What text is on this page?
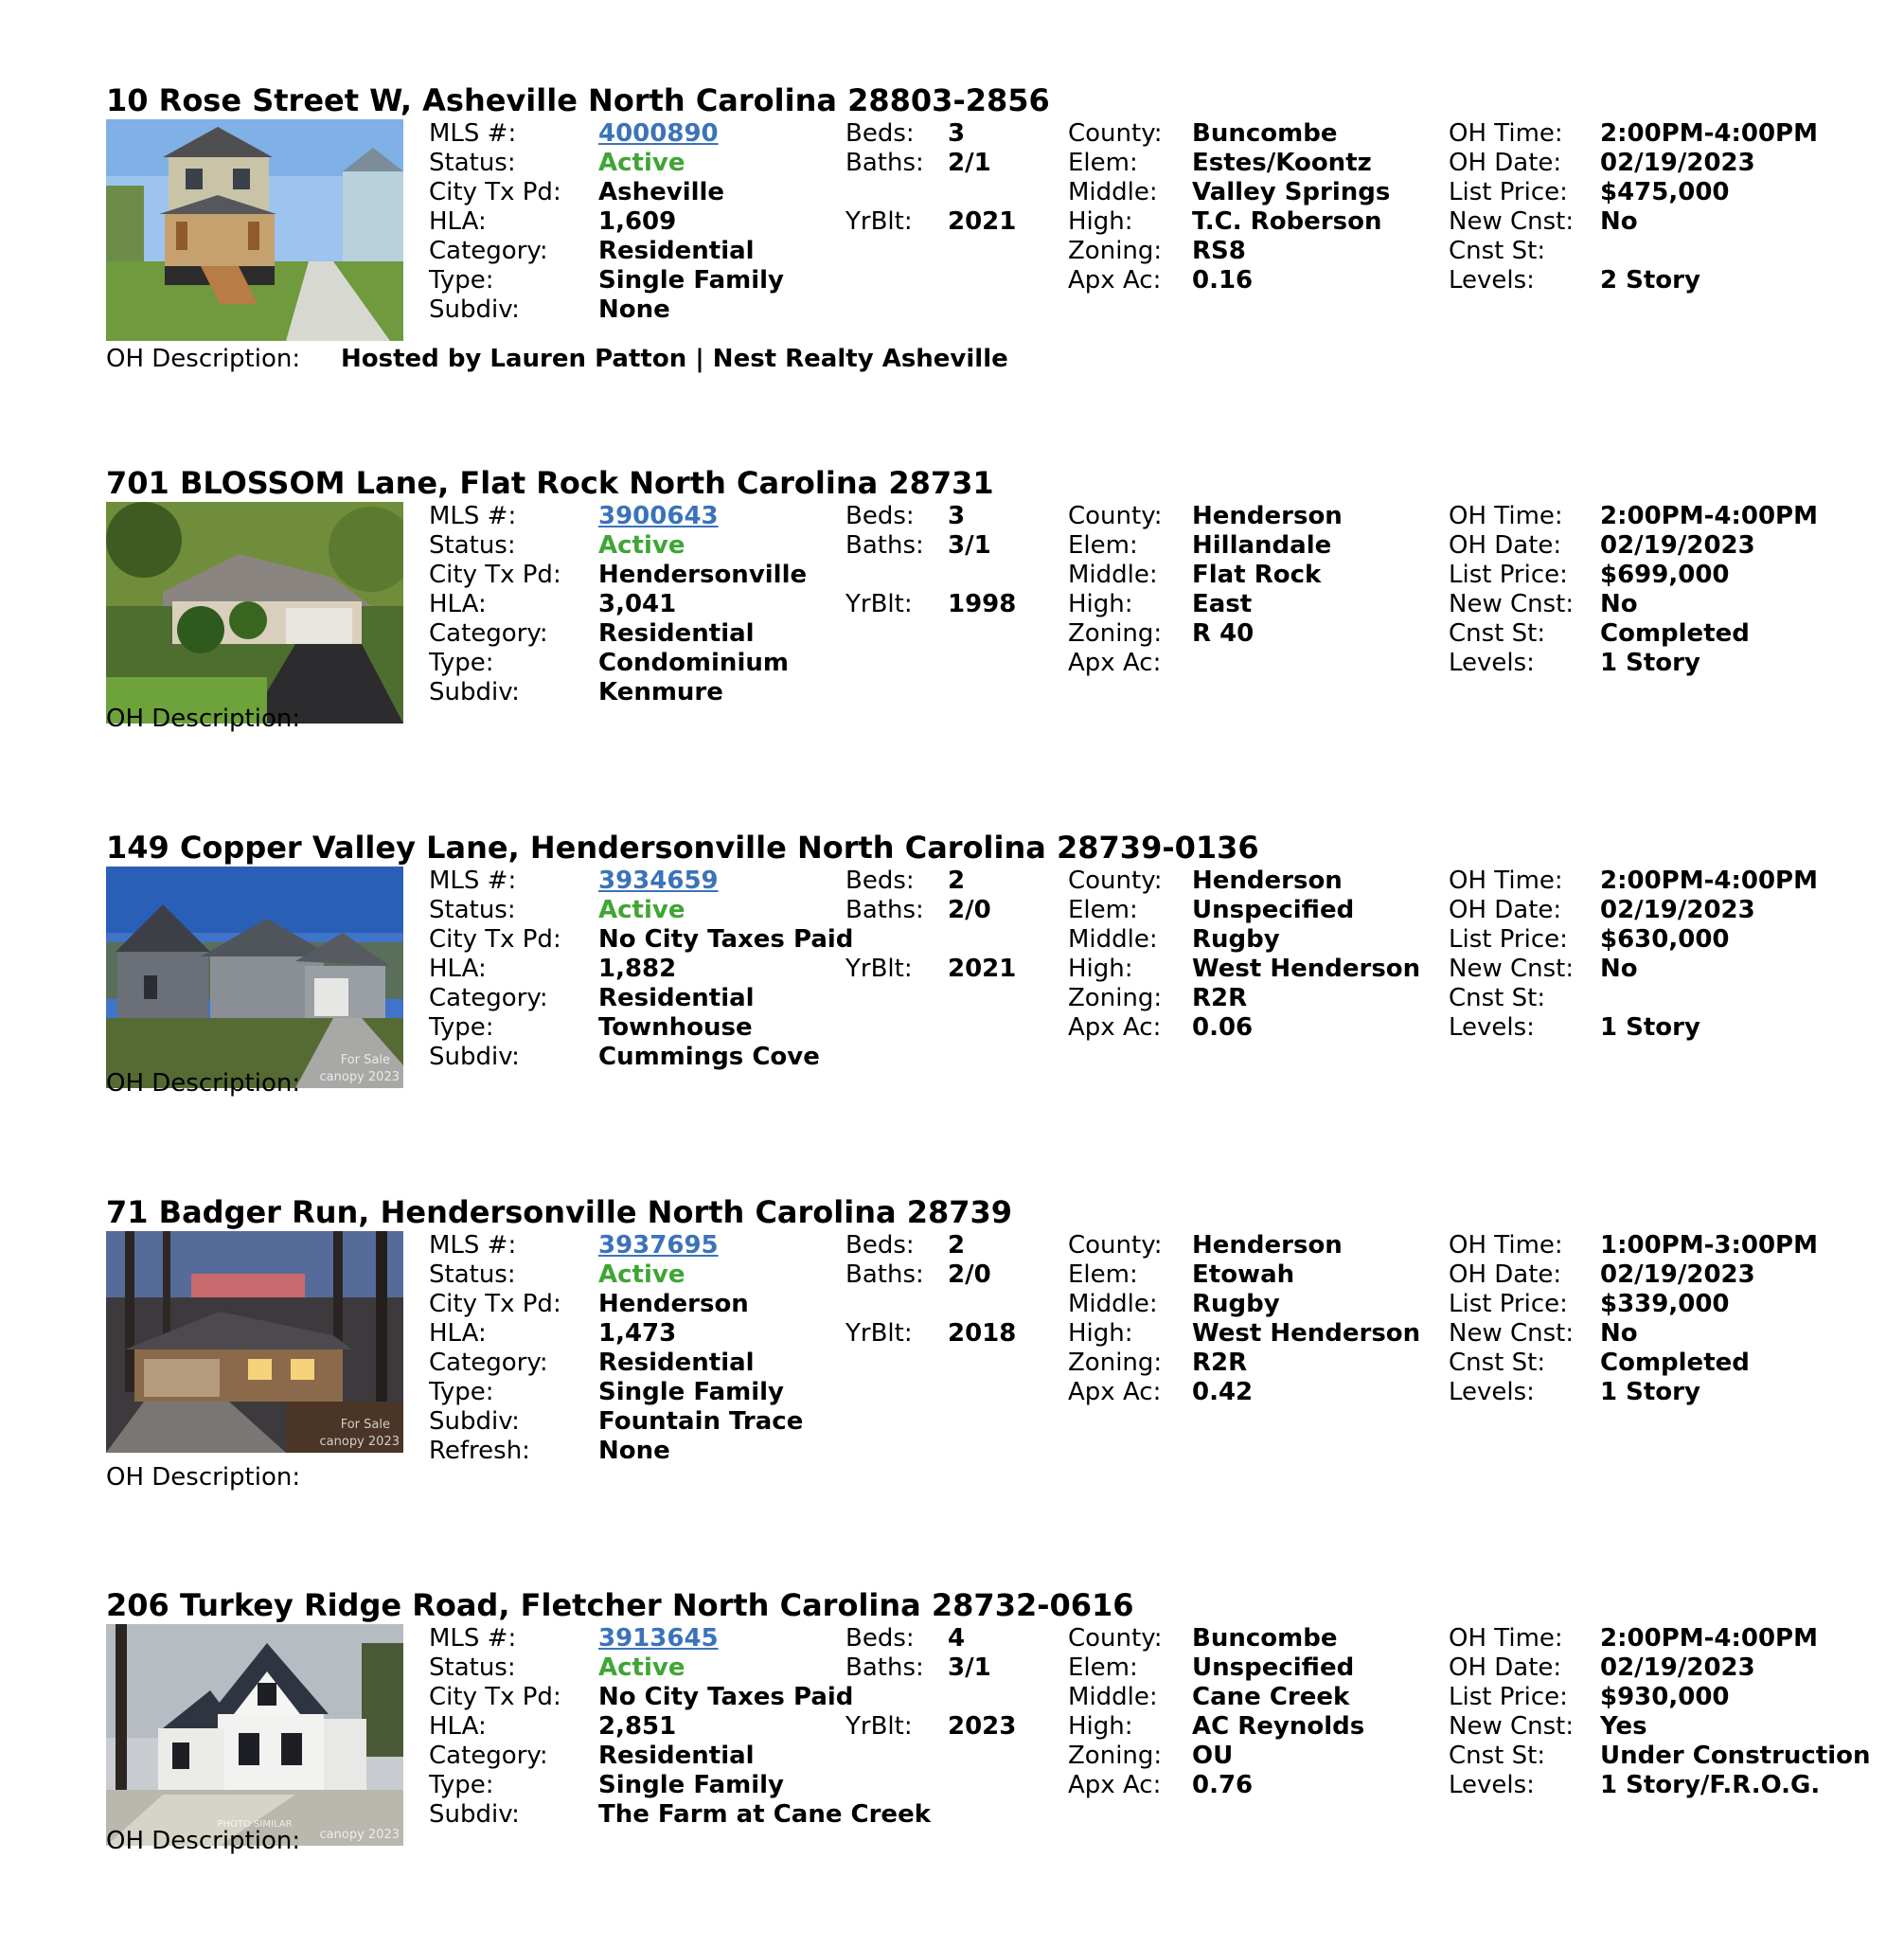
10 Rose Street W, Asheville North Carolina 28803-2856
MLS #:	4000890
Status:	Active
City Tx Pd: Asheville
HLA:	1,609
Category: Residential
Type:	Single Family
Subdiv:	None
Beds: 3
Baths: 2/1
YrBlt: 2021
County: Buncombe
Elem: Estes/Koontz
Middle: Valley Springs
High: T.C. Roberson
Zoning: RS8
Apx Ac: 0.16
OH Time: 2:00PM-4:00PM
OH Date: 02/19/2023
List Price: $475,000
New Cnst: No
Cnst St:
Levels:	2 Story
OH Description: Hosted by Lauren Patton | Nest Realty Asheville
701 BLOSSOM Lane, Flat Rock North Carolina 28731
MLS #:	3900643
Status:	Active
City Tx Pd: Hendersonville
HLA:	3,041
Category: Residential
Type:	Condominium
Subdiv:	Kenmure
Beds: 3
Baths: 3/1
YrBlt: 1998
County: Henderson
Elem: Hillandale
Middle: Flat Rock
High: East
Zoning: R 40
Apx Ac:
OH Time: 2:00PM-4:00PM
OH Date: 02/19/2023
List Price: $699,000
New Cnst: No
Cnst St: Completed
Levels:	1 Story
OH Description:
149 Copper Valley Lane, Hendersonville North Carolina 28739-0136
For Sale
canopy 2023
MLS #:	3934659
Status:	Active
City Tx Pd: No City Taxes Paid
HLA:	1,882
Category: Residential
Type:	Townhouse
Subdiv:	Cummings Cove
Beds: 2
Baths: 2/0
YrBlt: 2021
County: Henderson
Elem: Unspecified
Middle: Rugby
High: West Henderson
Zoning: R2R
Apx Ac: 0.06
OH Time: 2:00PM-4:00PM
OH Date: 02/19/2023
List Price: $630,000
New Cnst: No
Cnst St:
Levels:	1 Story
OH Description:
71 Badger Run, Hendersonville North Carolina 28739
For Sale
canopy 2023
MLS #:	3937695
Status:	Active
City Tx Pd: Henderson
HLA:	1,473
Category: Residential
Type:	Single Family
Subdiv:	Fountain Trace
Refresh:	None
Beds: 2
Baths: 2/0
YrBlt: 2018
County: Henderson
Elem: Etowah
Middle: Rugby
High: West Henderson
Zoning: R2R
Apx Ac: 0.42
OH Time: 1:00PM-3:00PM
OH Date: 02/19/2023
List Price: $339,000
New Cnst: No
Cnst St: Completed
Levels:	1 Story
OH Description:
206 Turkey Ridge Road, Fletcher North Carolina 28732-0616
PHOTO SIMILAR
canopy 2023
MLS #:	3913645
Status:	Active
City Tx Pd: No City Taxes Paid
HLA:	2,851
Category: Residential
Type:	Single Family
Subdiv:	The Farm at Cane Creek
Beds: 4
Baths: 3/1
YrBlt: 2023
County: Buncombe
Elem: Unspecified
Middle: Cane Creek
High: AC Reynolds
Zoning: OU
Apx Ac: 0.76
OH Time: 2:00PM-4:00PM
OH Date: 02/19/2023
List Price: $930,000
New Cnst: Yes
Cnst St: Under Construction
Levels:	1 Story/F.R.O.G.
OH Description:
